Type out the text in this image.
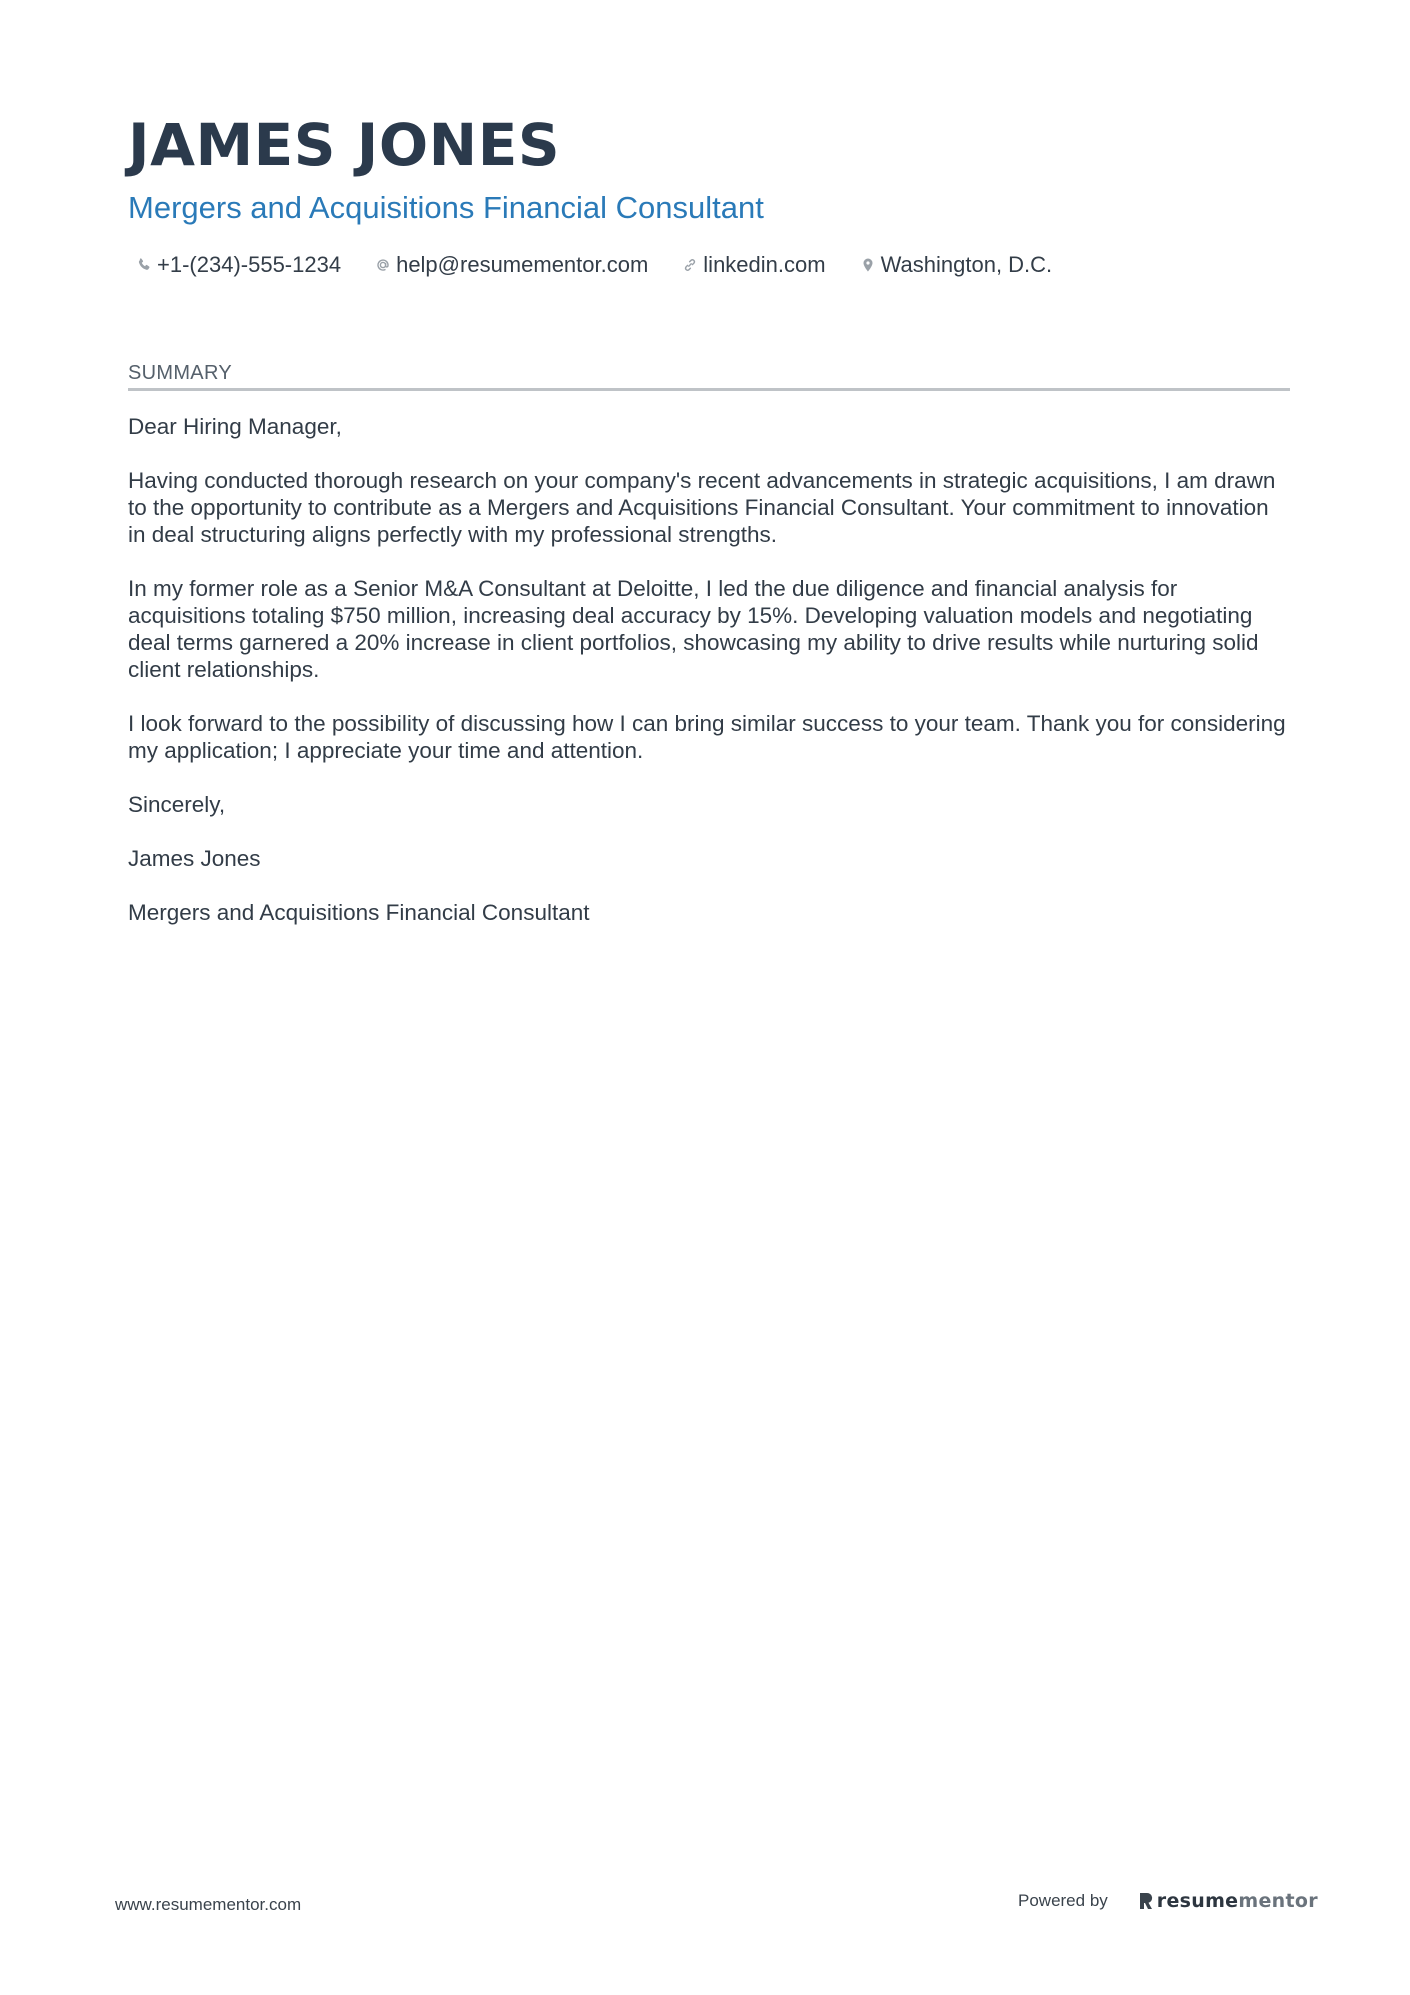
JAMES JONES
Mergers and Acquisitions Financial Consultant
+1-(234)-555-1234	help@resumementor.com	linkedin.com	Washington, D.C.
SUMMARY

Dear Hiring Manager,

Having conducted thorough research on your company's recent advancements in strategic acquisitions, I am drawn to the opportunity to contribute as a Mergers and Acquisitions Financial Consultant. Your commitment to innovation in deal structuring aligns perfectly with my professional strengths.

In my former role as a Senior M&A Consultant at Deloitte, I led the due diligence and financial analysis for acquisitions totaling $750 million, increasing deal accuracy by 15%. Developing valuation models and negotiating deal terms garnered a 20% increase in client portfolios, showcasing my ability to drive results while nurturing solid client relationships.

I look forward to the possibility of discussing how I can bring similar success to your team. Thank you for considering my application; I appreciate your time and attention.

Sincerely,

James Jones

Mergers and Acquisitions Financial Consultant

www.resumementor.com	Powered by	resume mentor
